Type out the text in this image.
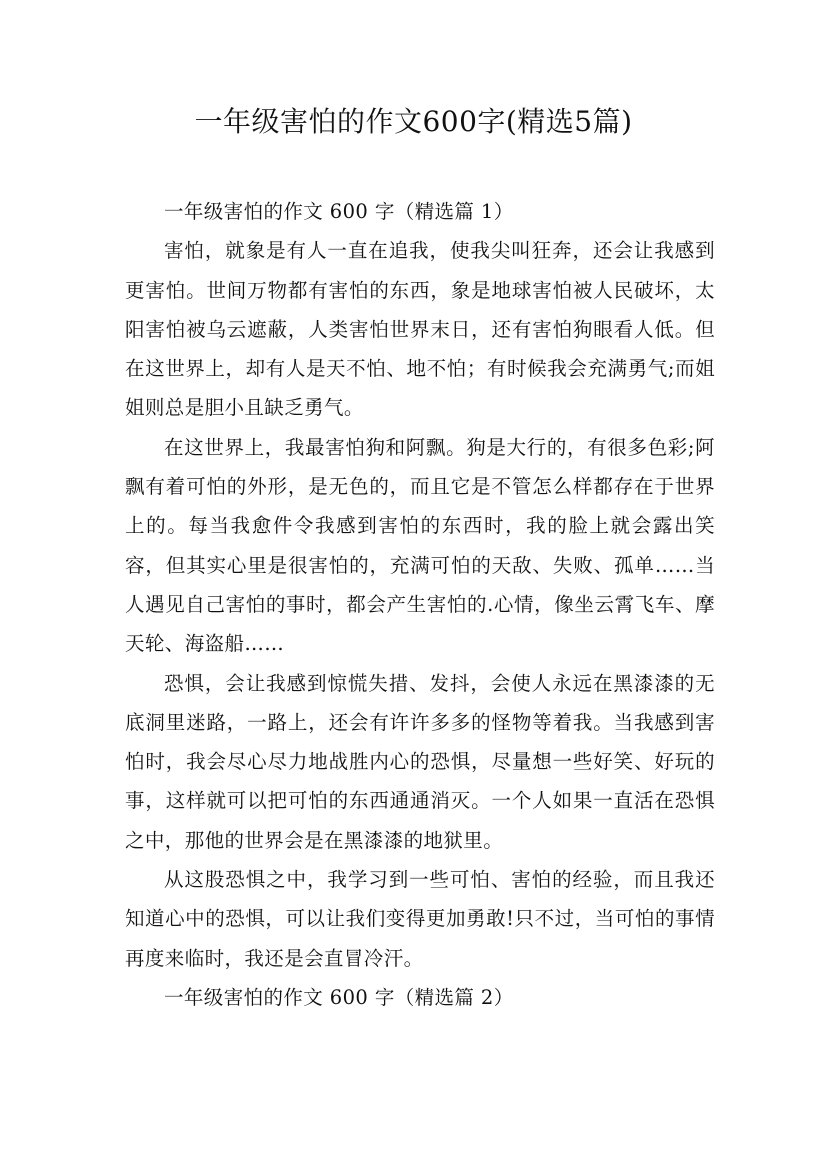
一年级害怕的作文600字(精选5篇)

一年级害怕的作文 600 字（精选篇 1）

害怕，就象是有人一直在追我，使我尖叫狂奔，还会让我感到更害怕。世间万物都有害怕的东西，象是地球害怕被人民破坏，太阳害怕被乌云遮蔽，人类害怕世界末日，还有害怕狗眼看人低。但在这世界上，却有人是天不怕、地不怕；有时候我会充满勇气;而姐姐则总是胆小且缺乏勇气。

在这世界上，我最害怕狗和阿飘。狗是大行的，有很多色彩;阿飘有着可怕的外形，是无色的，而且它是不管怎么样都存在于世界上的。每当我愈件令我感到害怕的东西时，我的脸上就会露出笑容，但其实心里是很害怕的，充满可怕的天敌、失败、孤单……当人遇见自己害怕的事时，都会产生害怕的.心情，像坐云霄飞车、摩天轮、海盗船……

恐惧，会让我感到惊慌失措、发抖，会使人永远在黑漆漆的无底洞里迷路，一路上，还会有许许多多的怪物等着我。当我感到害怕时，我会尽心尽力地战胜内心的恐惧，尽量想一些好笑、好玩的事，这样就可以把可怕的东西通通消灭。一个人如果一直活在恐惧之中，那他的世界会是在黑漆漆的地狱里。

从这股恐惧之中，我学习到一些可怕、害怕的经验，而且我还知道心中的恐惧，可以让我们变得更加勇敢!只不过，当可怕的事情再度来临时，我还是会直冒冷汗。

一年级害怕的作文 600 字（精选篇 2）
